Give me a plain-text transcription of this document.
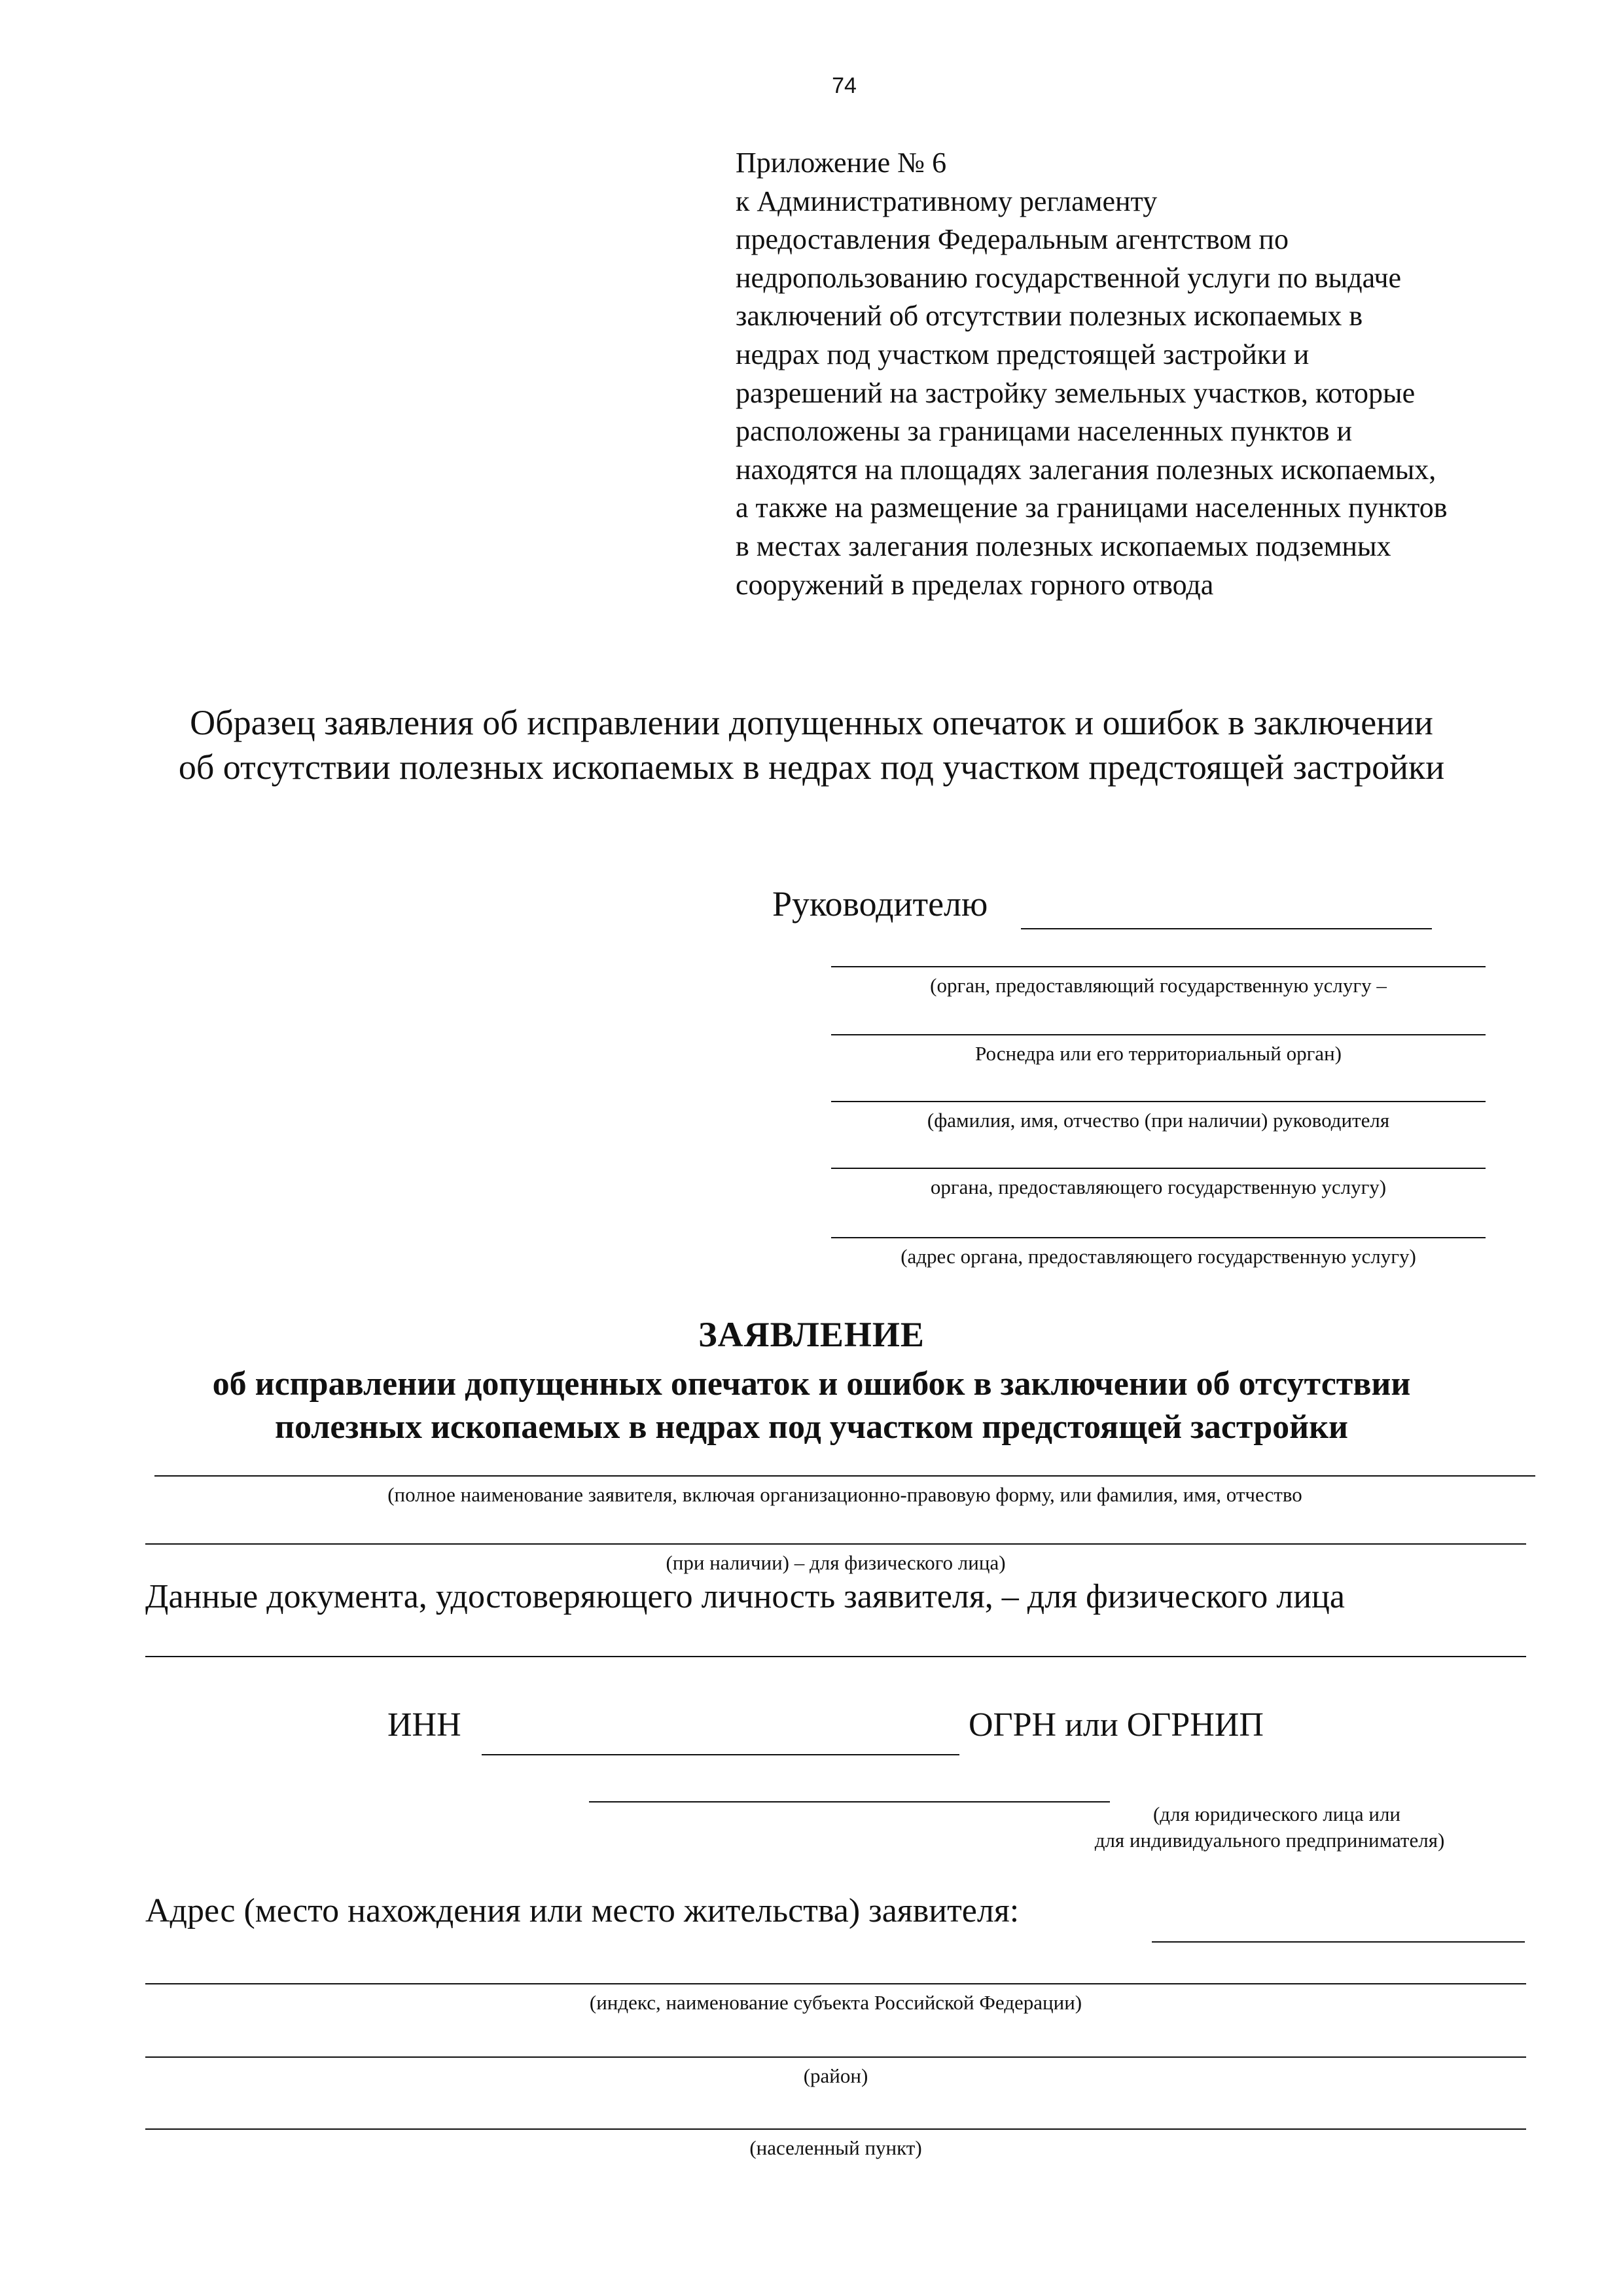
74
Приложение № 6
к Административному регламенту
предоставления Федеральным агентством по
недропользованию государственной услуги по выдаче
заключений об отсутствии полезных ископаемых в
недрах под участком предстоящей застройки и
разрешений на застройку земельных участков, которые
расположены за границами населенных пунктов и
находятся на площадях залегания полезных ископаемых,
а также на размещение за границами населенных пунктов
в местах залегания полезных ископаемых подземных
сооружений в пределах горного отвода
Образец заявления об исправлении допущенных опечаток и ошибок в заключении
об отсутствии полезных ископаемых в недрах под участком предстоящей застройки
Руководителю
(орган, предоставляющий государственную услугу –
Роснедра или его территориальный орган)
(фамилия, имя, отчество (при наличии) руководителя
органа, предоставляющего государственную услугу)
(адрес органа, предоставляющего государственную услугу)
ЗАЯВЛЕНИЕ
об исправлении допущенных опечаток и ошибок в заключении об отсутствии
полезных ископаемых в недрах под участком предстоящей застройки
(полное наименование заявителя, включая организационно-правовую форму, или фамилия, имя, отчество
(при наличии) – для физического лица)
Данные документа, удостоверяющего личность заявителя, – для физического лица
ИНН	ОГРН или ОГРНИП
(для юридического лица или
для индивидуального предпринимателя)
Адрес (место нахождения или место жительства) заявителя:
(индекс, наименование субъекта Российской Федерации)
(район)
(населенный пункт)
